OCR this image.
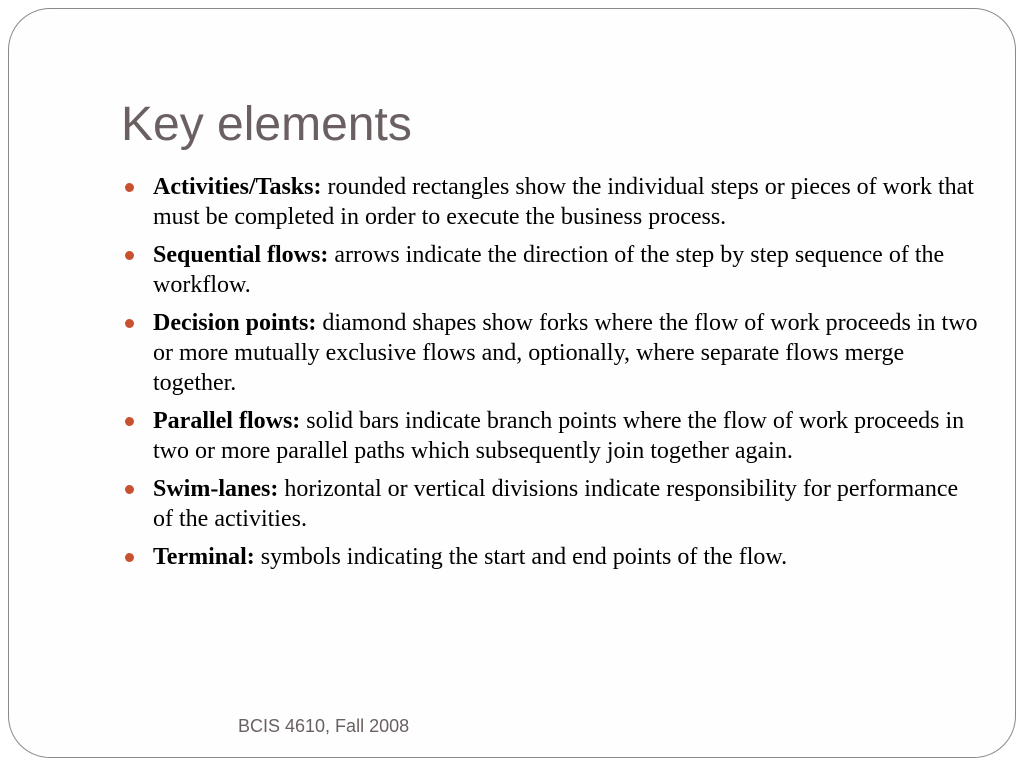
Key elements
Activities/Tasks: rounded rectangles show the individual steps or pieces of work that must be completed in order to execute the business process.
Sequential flows: arrows indicate the direction of the step by step sequence of the workflow.
Decision points: diamond shapes show forks where the flow of work proceeds in two or more mutually exclusive flows and, optionally, where separate flows merge together.
Parallel flows: solid bars indicate branch points where the flow of work proceeds in two or more parallel paths which subsequently join together again.
Swim-lanes: horizontal or vertical divisions indicate responsibility for performance of the activities.
Terminal: symbols indicating the start and end points of the flow.
BCIS 4610, Fall 2008
